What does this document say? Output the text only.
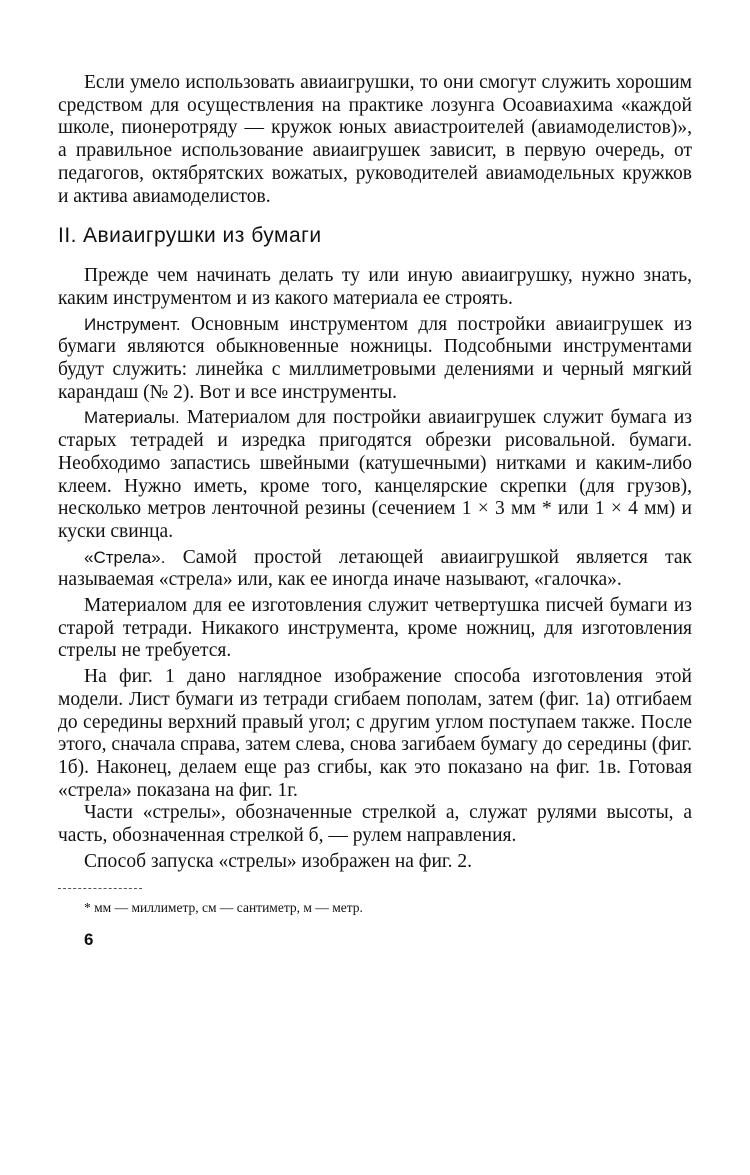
Если умело использовать авиаигрушки, то они смогут служить хорошим средством для осуществления на практике лозунга Осоавиахима «каждой школе, пионеротряду — кружок юных авиастроителей (авиамоделистов)», а правильное использование авиаигрушек зависит, в первую очередь, от педагогов, октябрятских вожатых, руководителей авиамодельных кружков и актива авиамоделистов.

II. Авиаигрушки из бумаги

Прежде чем начинать делать ту или иную авиаигрушку, нужно знать, каким инструментом и из какого материала ее строять.

Инструмент. Основным инструментом для постройки авиаигрушек из бумаги являются обыкновенные ножницы. Подсобными инструментами будут служить: линейка с миллиметровыми делениями и черный мягкий карандаш (№ 2). Вот и все инструменты.

Материалы. Материалом для постройки авиаигрушек служит бумага из старых тетрадей и изредка пригодятся обрезки рисовальной. бумаги. Необходимо запастись швейными (катушечными) нитками и каким-либо клеем. Нужно иметь, кроме того, канцелярские скрепки (для грузов), несколько метров ленточной резины (сечением 1 × 3 мм * или 1 × 4 мм) и куски свинца.

«Стрела». Самой простой летающей авиаигрушкой является так называемая «стрела» или, как ее иногда иначе называют, «галочка».

Материалом для ее изготовления служит четвертушка писчей бумаги из старой тетради. Никакого инструмента, кроме ножниц, для изготовления стрелы не требуется.

На фиг. 1 дано наглядное изображение способа изготовления этой модели. Лист бумаги из тетради сгибаем пополам, затем (фиг. 1а) отгибаем до середины верхний правый угол; с другим углом поступаем также. После этого, сначала справа, затем слева, снова загибаем бумагу до середины (фиг. 1б). Наконец, делаем еще раз сгибы, как это показано на фиг. 1в. Готовая «стрела» показана на фиг. 1г.

Части «стрелы», обозначенные стрелкой а, служат рулями высоты, а часть, обозначенная стрелкой б, — рулем направления.

Способ запуска «стрелы» изображен на фиг. 2.

* мм — миллиметр, см — сантиметр, м — метр.
6
